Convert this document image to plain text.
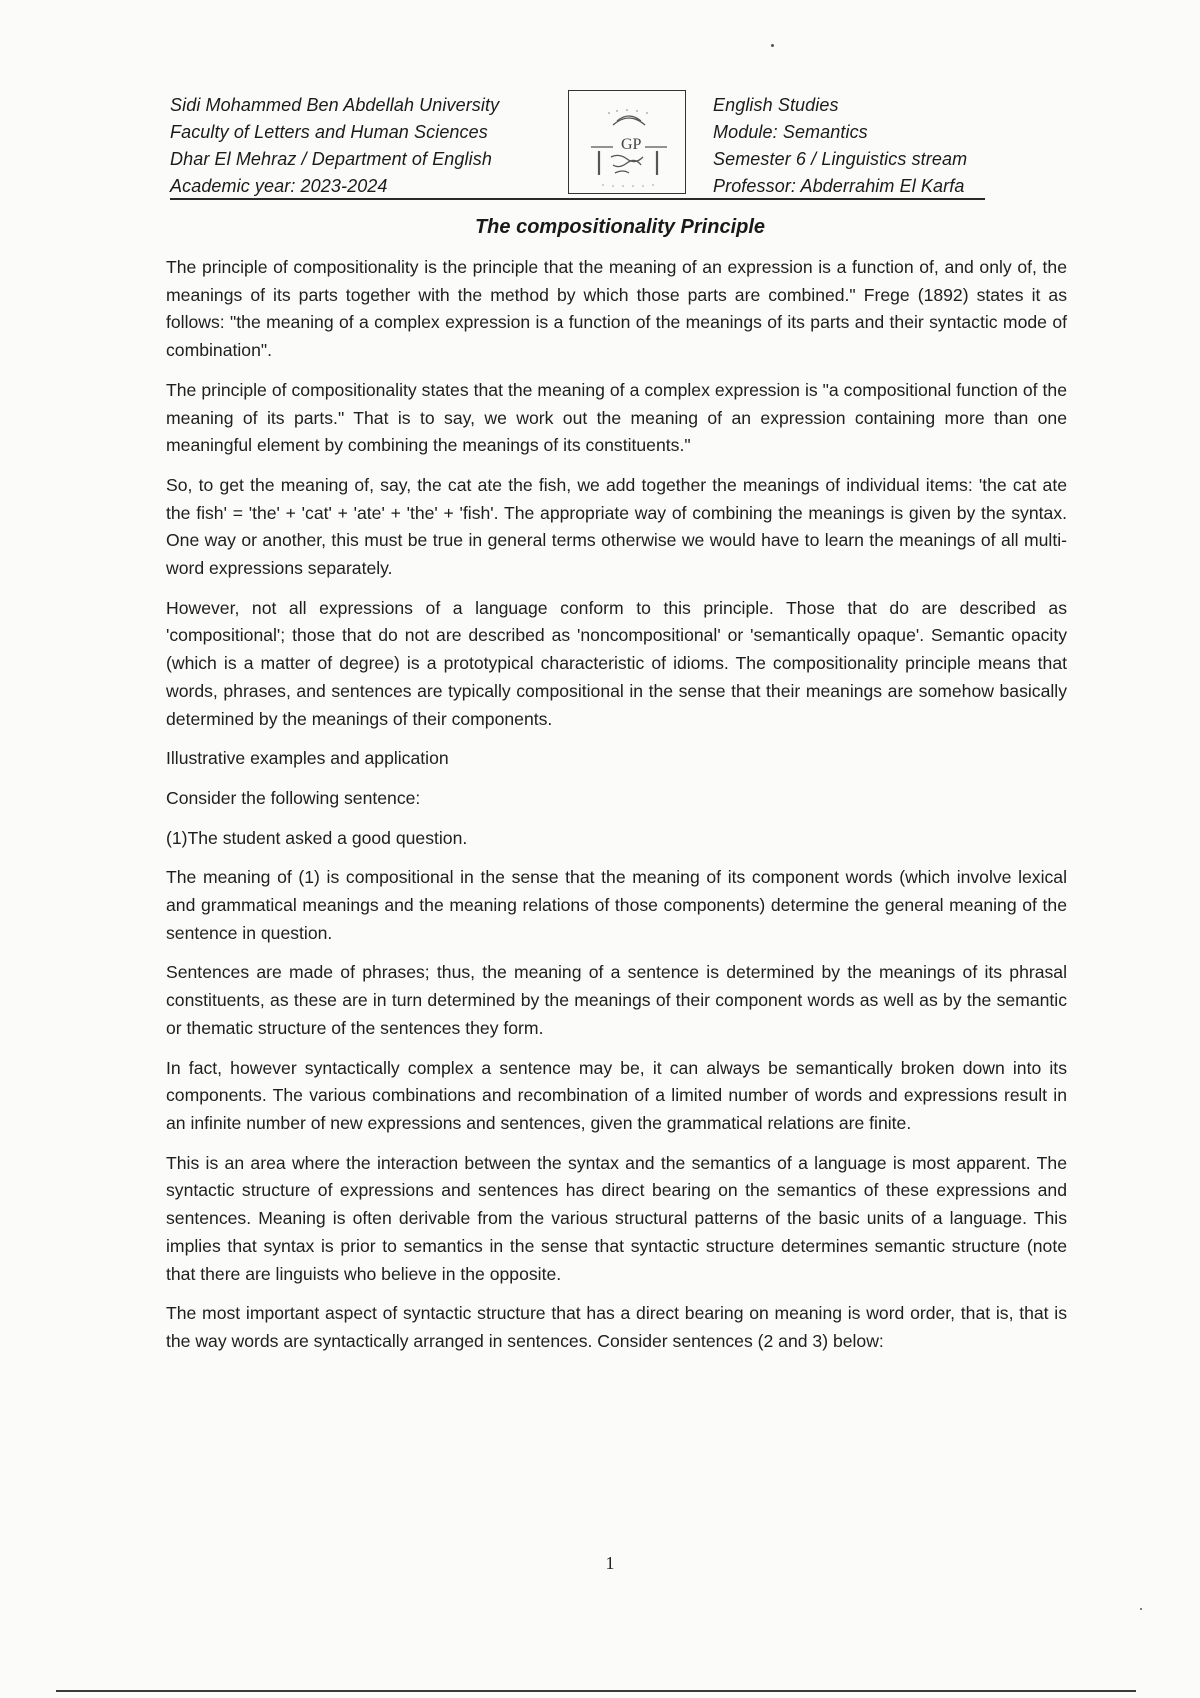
Sidi Mohammed Ben Abdellah University
Faculty of Letters and Human Sciences
Dhar El Mehraz / Department of English
Academic year: 2023-2024
GP
English Studies
Module: Semantics
Semester 6 / Linguistics stream
Professor: Abderrahim El Karfa
The compositionality Principle

The principle of compositionality is the principle that the meaning of an expression is a function of, and only of, the meanings of its parts together with the method by which those parts are combined." Frege (1892) states it as follows: "the meaning of a complex expression is a function of the meanings of its parts and their syntactic mode of combination".

The principle of compositionality states that the meaning of a complex expression is "a compositional function of the meaning of its parts." That is to say, we work out the meaning of an expression containing more than one meaningful element by combining the meanings of its constituents."

So, to get the meaning of, say, the cat ate the fish, we add together the meanings of individual items: 'the cat ate the fish' = 'the' + 'cat' + 'ate' + 'the' + 'fish'. The appropriate way of combining the meanings is given by the syntax. One way or another, this must be true in general terms otherwise we would have to learn the meanings of all multi-word expressions separately.

However, not all expressions of a language conform to this principle. Those that do are described as 'compositional'; those that do not are described as 'noncompositional' or 'semantically opaque'. Semantic opacity (which is a matter of degree) is a prototypical characteristic of idioms. The compositionality principle means that words, phrases, and sentences are typically compositional in the sense that their meanings are somehow basically determined by the meanings of their components.

Illustrative examples and application

Consider the following sentence:

(1)The student asked a good question.

The meaning of (1) is compositional in the sense that the meaning of its component words (which involve lexical and grammatical meanings and the meaning relations of those components) determine the general meaning of the sentence in question.

Sentences are made of phrases; thus, the meaning of a sentence is determined by the meanings of its phrasal constituents, as these are in turn determined by the meanings of their component words as well as by the semantic or thematic structure of the sentences they form.

In fact, however syntactically complex a sentence may be, it can always be semantically broken down into its components. The various combinations and recombination of a limited number of words and expressions result in an infinite number of new expressions and sentences, given the grammatical relations are finite.

This is an area where the interaction between the syntax and the semantics of a language is most apparent. The syntactic structure of expressions and sentences has direct bearing on the semantics of these expressions and sentences. Meaning is often derivable from the various structural patterns of the basic units of a language. This implies that syntax is prior to semantics in the sense that syntactic structure determines semantic structure (note that there are linguists who believe in the opposite.

The most important aspect of syntactic structure that has a direct bearing on meaning is word order, that is, that is the way words are syntactically arranged in sentences. Consider sentences (2 and 3) below:

1
